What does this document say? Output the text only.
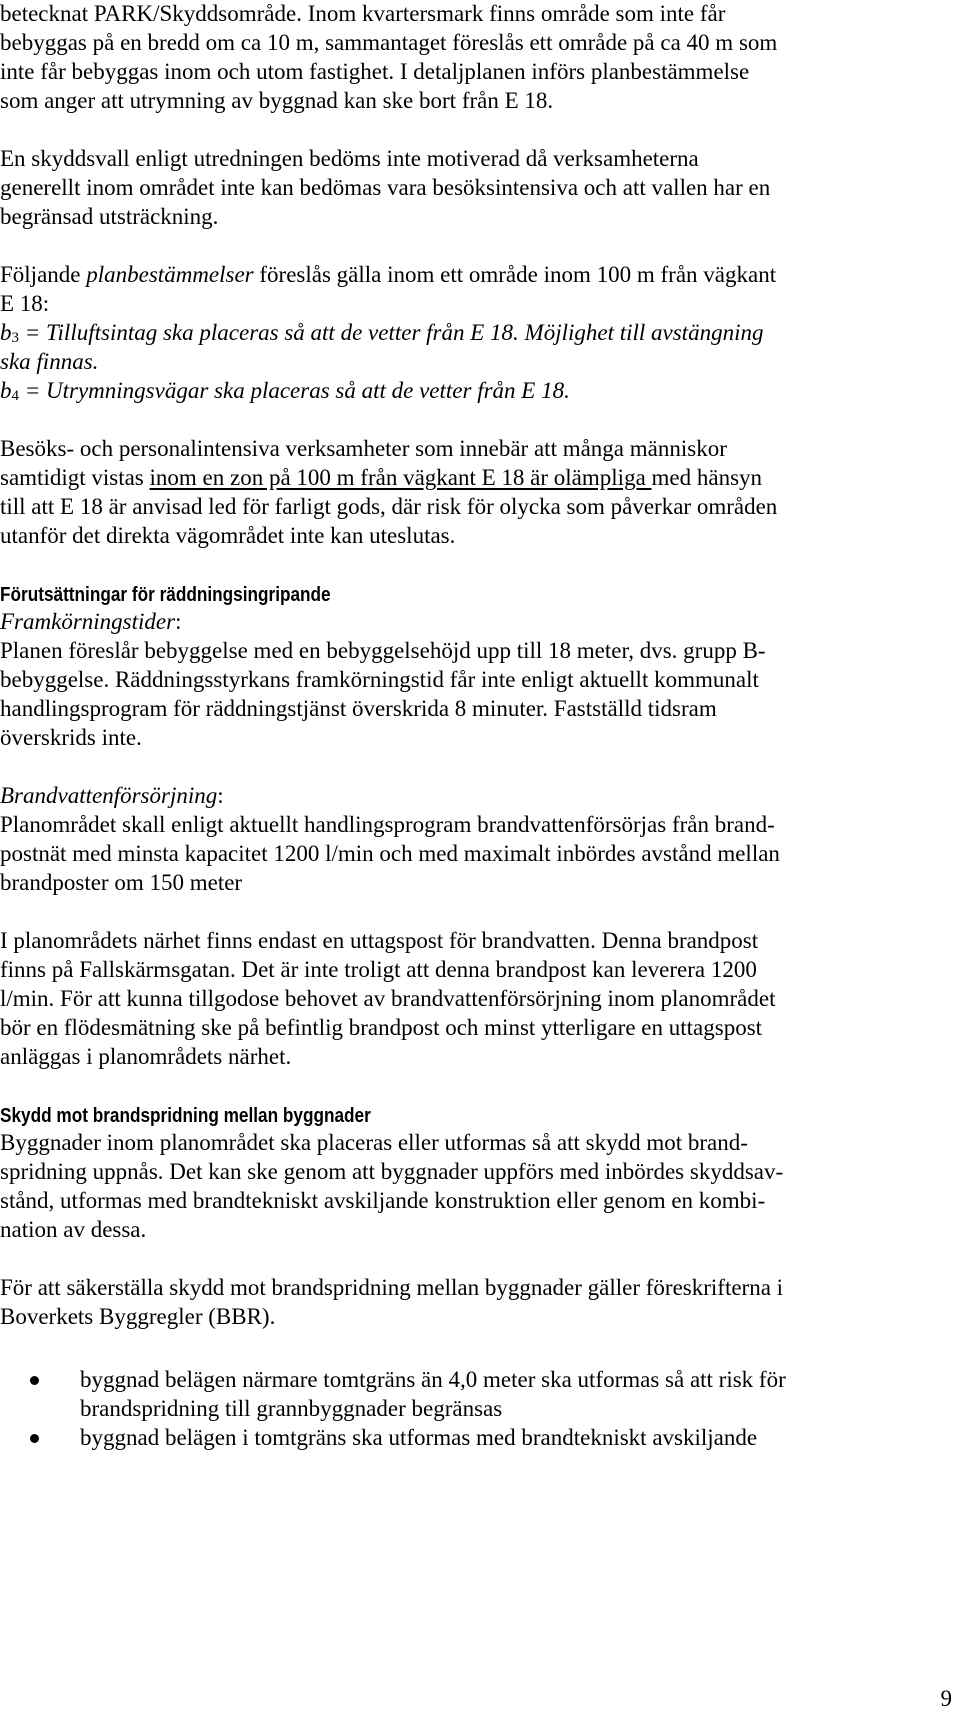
betecknat PARK/Skyddsområde. Inom kvartersmark finns område som inte får
bebyggas på en bredd om ca 10 m, sammantaget föreslås ett område på ca 40 m som
inte får bebyggas inom och utom fastighet. I detaljplanen införs planbestämmelse
som anger att utrymning av byggnad kan ske bort från E 18.
En skyddsvall enligt utredningen bedöms inte motiverad då verksamheterna
generellt inom området inte kan bedömas vara besöksintensiva och att vallen har en
begränsad utsträckning.
Följande planbestämmelser föreslås gälla inom ett område inom 100 m från vägkant
E 18:
$b_3$ = Tilluftsintag ska placeras så att de vetter från E 18. Möjlighet till avstängning
ska finnas.
$b_4$ = Utrymningsvägar ska placeras så att de vetter från E 18.
Besöks- och personalintensiva verksamheter som innebär att många människor
samtidigt vistas inom en zon på 100 m från vägkant E 18 är olämpliga med hänsyn
till att E 18 är anvisad led för farligt gods, där risk för olycka som påverkar områden
utanför det direkta vägområdet inte kan uteslutas.
Förutsättningar för räddningsingripande
Framkörningstider:
Planen föreslår bebyggelse med en bebyggelsehöjd upp till 18 meter, dvs. grupp B-
bebyggelse. Räddningsstyrkans framkörningstid får inte enligt aktuellt kommunalt
handlingsprogram för räddningstjänst överskrida 8 minuter. Fastställd tidsram
överskrids inte.
Brandvattenförsörjning:
Planområdet skall enligt aktuellt handlingsprogram brandvattenförsörjas från brand-
postnät med minsta kapacitet 1200 l/min och med maximalt inbördes avstånd mellan
brandposter om 150 meter
I planområdets närhet finns endast en uttagspost för brandvatten. Denna brandpost
finns på Fallskärmsgatan. Det är inte troligt att denna brandpost kan leverera 1200
l/min. För att kunna tillgodose behovet av brandvattenförsörjning inom planområdet
bör en flödesmätning ske på befintlig brandpost och minst ytterligare en uttagspost
anläggas i planområdets närhet.
Skydd mot brandspridning mellan byggnader
Byggnader inom planområdet ska placeras eller utformas så att skydd mot brand-
spridning uppnås. Det kan ske genom att byggnader uppförs med inbördes skyddsav-
stånd, utformas med brandtekniskt avskiljande konstruktion eller genom en kombi-
nation av dessa.
För att säkerställa skydd mot brandspridning mellan byggnader gäller föreskrifterna i
Boverkets Byggregler (BBR).
byggnad belägen närmare tomtgräns än 4,0 meter ska utformas så att risk för
brandspridning till grannbyggnader begränsas
byggnad belägen i tomtgräns ska utformas med brandtekniskt avskiljande
9
